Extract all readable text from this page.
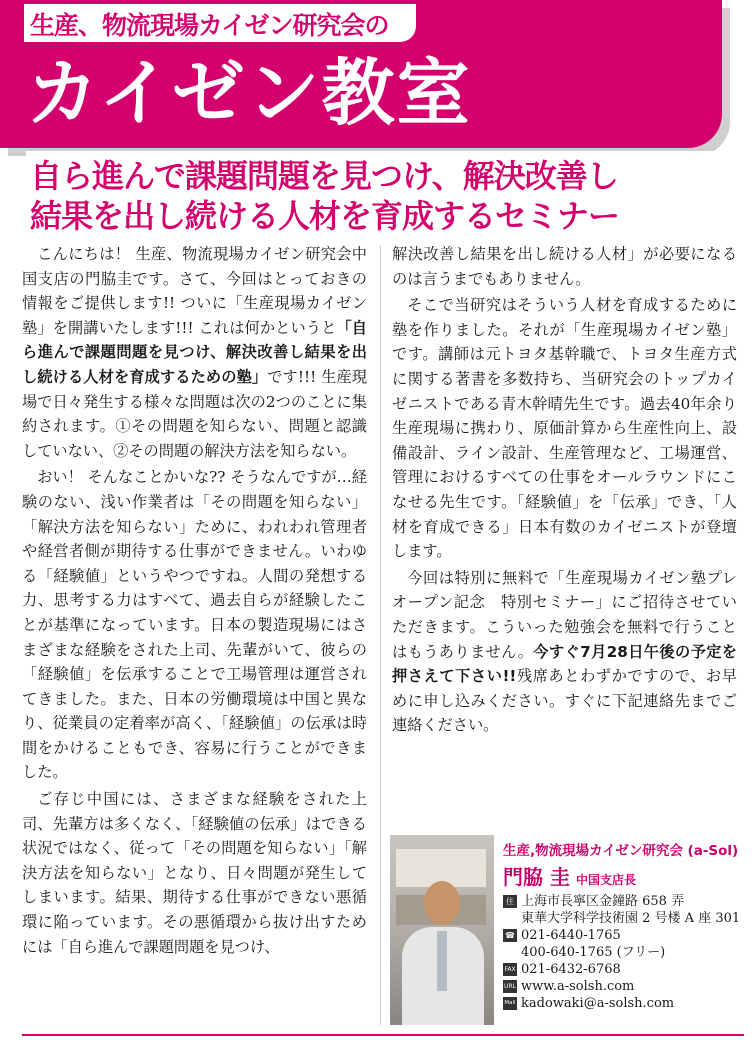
生産、物流現場カイゼン研究会の
カイゼン教室
自ら進んで課題問題を見つけ、解決改善し
結果を出し続ける人材を育成するセミナー

こんにちは！ 生産、物流現場カイゼン研究会中国支店の門脇圭です。さて、今回はとっておきの情報をご提供します!! ついに「生産現場カイゼン塾」を開講いたします!!! これは何かというと「自ら進んで課題問題を見つけ、解決改善し結果を出し続ける人材を育成するための塾」です!!! 生産現場で日々発生する様々な問題は次の2つのことに集約されます。①その問題を知らない、問題と認識していない、②その問題の解決方法を知らない。

おい！ そんなことかいな?? そうなんですが…経験のない、浅い作業者は「その問題を知らない」「解決方法を知らない」ために、われわれ管理者や経営者側が期待する仕事ができません。いわゆる「経験値」というやつですね。人間の発想する力、思考する力はすべて、過去自らが経験したことが基準になっています。日本の製造現場にはさまざまな経験をされた上司、先輩がいて、彼らの「経験値」を伝承することで工場管理は運営されてきました。また、日本の労働環境は中国と異なり、従業員の定着率が高く、「経験値」の伝承は時間をかけることもでき、容易に行うことができました。

ご存じ中国には、さまざまな経験をされた上司、先輩方は多くなく、「経験値の伝承」はできる状況ではなく、従って「その問題を知らない」「解決方法を知らない」となり、日々問題が発生してしまいます。結果、期待する仕事ができない悪循環に陥っています。その悪循環から抜け出すためには「自ら進んで課題問題を見つけ、

解決改善し結果を出し続ける人材」が必要になるのは言うまでもありません。

そこで当研究はそういう人材を育成するために塾を作りました。それが「生産現場カイゼン塾」です。講師は元トヨタ基幹職で、トヨタ生産方式に関する著書を多数持ち、当研究会のトップカイゼニストである青木幹晴先生です。過去40年余り生産現場に携わり、原価計算から生産性向上、設備設計、ライン設計、生産管理など、工場運営、管理におけるすべての仕事をオールラウンドにこなせる先生です。「経験値」を「伝承」でき、「人材を育成できる」日本有数のカイゼニストが登壇します。

今回は特別に無料で「生産現場カイゼン塾プレオープン記念　特別セミナー」にご招待させていただきます。こういった勉強会を無料で行うことはもうありません。今すぐ7月28日午後の予定を押さえて下さい!!残席あとわずかですので、お早めに申し込みください。すぐに下記連絡先までご連絡ください。

生産,物流現場カイゼン研究会 (a-Sol)
門脇 圭 中国支店長
住 上海市長寧区金鐘路 658 弄
東華大学科学技術園 2 号楼 A 座 301
☎ 021-6440-1765
400-640-1765 (フリー)
FAX 021-6432-6768
URL www.a-solsh.com
Mail kadowaki@a-solsh.com
